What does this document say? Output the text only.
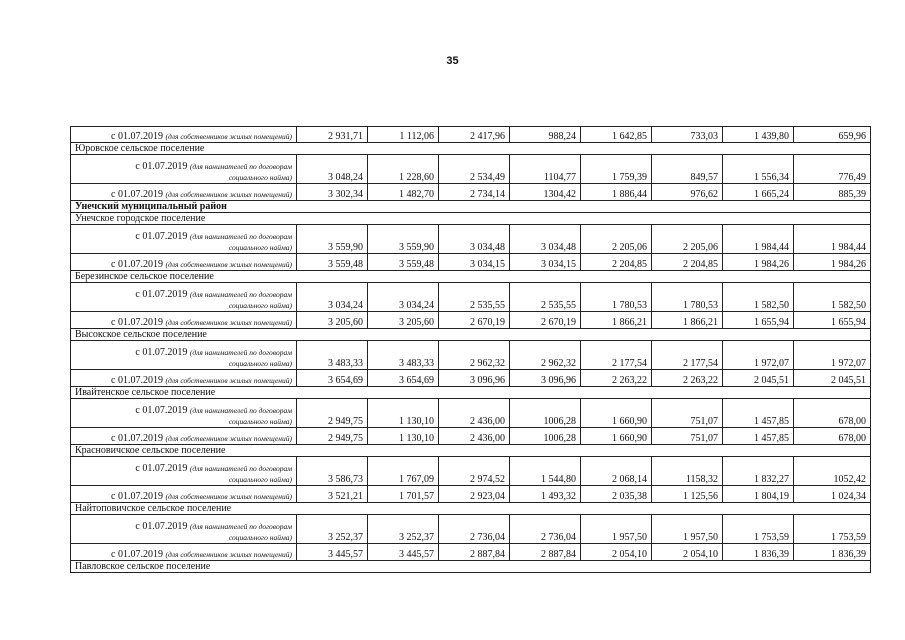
35
с 01.07.2019 (для собственников жилых помещений)	2 931,71	1 112,06	2 417,96	988,24	1 642,85	733,03	1 439,80	659,96
Юровское сельское поселение								

с 01.07.2019 (для нанимателей по договорам
социального найма)	3 048,24	1 228,60	2 534,49	1104,77	1 759,39	849,57	1 556,34	776,49
с 01.07.2019 (для собственников жилых помещений)	3 302,34	1 482,70	2 734,14	1304,42	1 886,44	976,62	1 665,24	885,39
Унечский муниципальный район								
Унечское городское поселение								

с 01.07.2019 (для нанимателей по договорам
социального найма)	3 559,90	3 559,90	3 034,48	3 034,48	2 205,06	2 205,06	1 984,44	1 984,44
с 01.07.2019 (для собственников жилых помещений)	3 559,48	3 559,48	3 034,15	3 034,15	2 204,85	2 204,85	1 984,26	1 984,26
Березинское сельское поселение								

с 01.07.2019 (для нанимателей по договорам
социального найма)	3 034,24	3 034,24	2 535,55	2 535,55	1 780,53	1 780,53	1 582,50	1 582,50
с 01.07.2019 (для собственников жилых помещений)	3 205,60	3 205,60	2 670,19	2 670,19	1 866,21	1 866,21	1 655,94	1 655,94
Высокское сельское поселение								

с 01.07.2019 (для нанимателей по договорам
социального найма)	3 483,33	3 483,33	2 962,32	2 962,32	2 177,54	2 177,54	1 972,07	1 972,07
с 01.07.2019 (для собственников жилых помещений)	3 654,69	3 654,69	3 096,96	3 096,96	2 263,22	2 263,22	2 045,51	2 045,51
Ивайтенское сельское поселение								

с 01.07.2019 (для нанимателей по договорам
социального найма)	2 949,75	1 130,10	2 436,00	1006,28	1 660,90	751,07	1 457,85	678,00
с 01.07.2019 (для собственников жилых помещений)	2 949,75	1 130,10	2 436,00	1006,28	1 660,90	751,07	1 457,85	678,00
Красновичское сельское поселение								

с 01.07.2019 (для нанимателей по договорам
социального найма)	3 586,73	1 767,09	2 974,52	1 544,80	2 068,14	1158,32	1 832,27	1052,42
с 01.07.2019 (для собственников жилых помещений)	3 521,21	1 701,57	2 923,04	1 493,32	2 035,38	1 125,56	1 804,19	1 024,34
Найтоповичское сельское поселение								

с 01.07.2019 (для нанимателей по договорам
социального найма)	3 252,37	3 252,37	2 736,04	2 736,04	1 957,50	1 957,50	1 753,59	1 753,59
с 01.07.2019 (для собственников жилых помещений)	3 445,57	3 445,57	2 887,84	2 887,84	2 054,10	2 054,10	1 836,39	1 836,39
Павловское сельское поселение								
